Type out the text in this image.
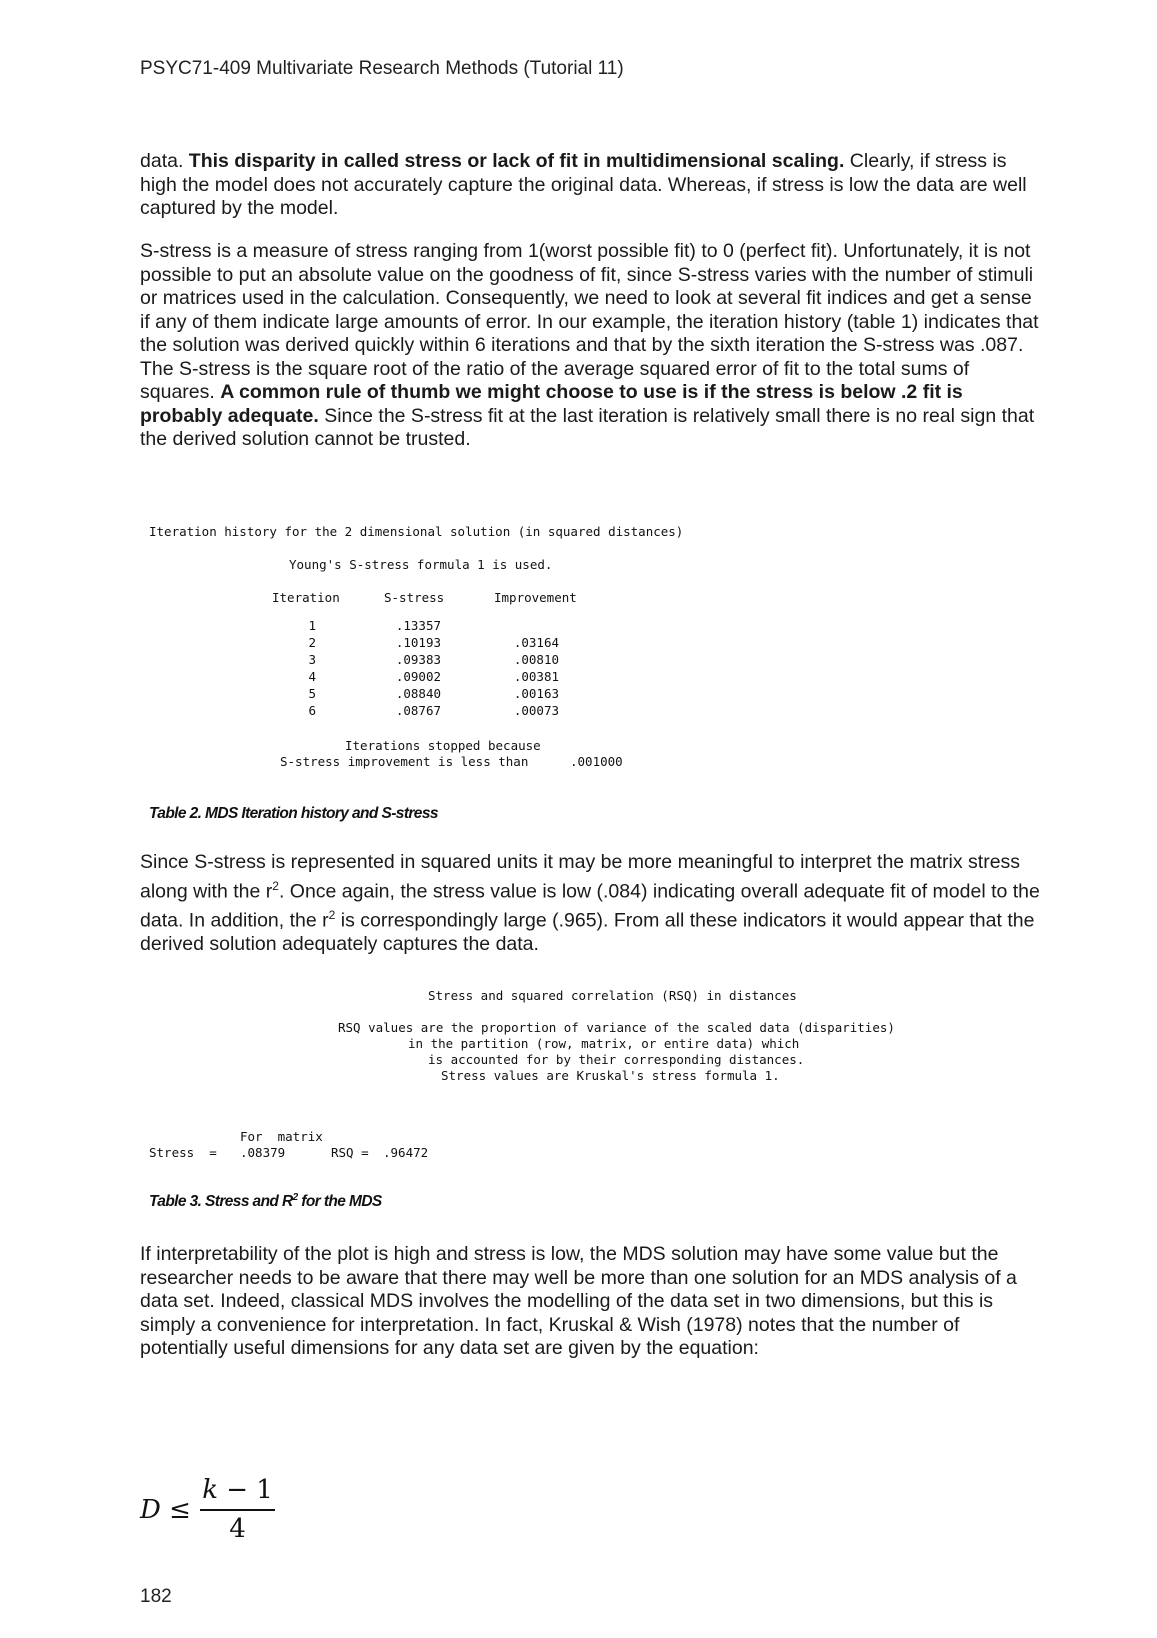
PSYC71-409 Multivariate Research Methods (Tutorial 11)
data. This disparity in called stress or lack of fit in multidimensional scaling. Clearly, if stress is high the model does not accurately capture the original data. Whereas, if stress is low the data are well captured by the model.
S-stress is a measure of stress ranging from 1(worst possible fit) to 0 (perfect fit). Unfortunately, it is not possible to put an absolute value on the goodness of fit, since S-stress varies with the number of stimuli or matrices used in the calculation. Consequently, we need to look at several fit indices and get a sense if any of them indicate large amounts of error. In our example, the iteration history (table 1) indicates that the solution was derived quickly within 6 iterations and that by the sixth iteration the S-stress was .087. The S-stress is the square root of the ratio of the average squared error of fit to the total sums of squares. A common rule of thumb we might choose to use is if the stress is below .2 fit is probably adequate. Since the S-stress fit at the last iteration is relatively small there is no real sign that the derived solution cannot be trusted.
Iteration history for the 2 dimensional solution (in squared distances)
Young's S-stress formula 1 is used.
Iteration	S-stress	Improvement
1	.13357	
2	.10193	.03164
3	.09383	.00810
4	.09002	.00381
5	.08840	.00163
6	.08767	.00073
Iterations stopped because
S-stress improvement is less than	.001000
Table 2. MDS Iteration history and S-stress
Since S-stress is represented in squared units it may be more meaningful to interpret the matrix stress along with the $r^2$. Once again, the stress value is low (.084) indicating overall adequate fit of model to the data. In addition, the $r^2$ is correspondingly large (.965). From all these indicators it would appear that the derived solution adequately captures the data.
Stress and squared correlation (RSQ) in distances
RSQ values are the proportion of variance of the scaled data (disparities)
in the partition (row, matrix, or entire data) which
is accounted for by their corresponding distances.
Stress values are Kruskal's stress formula 1.
For  matrix
Stress  = .08379	RSQ = .96472
Table 3. Stress and $R^2$ for the MDS
If interpretability of the plot is high and stress is low, the MDS solution may have some value but the researcher needs to be aware that there may well be more than one solution for an MDS analysis of a data set. Indeed, classical MDS involves the modelling of the data set in two dimensions, but this is simply a convenience for interpretation. In fact, Kruskal & Wish (1978) notes that the number of potentially useful dimensions for any data set are given by the equation:
D ≤
k − 1
4
182
